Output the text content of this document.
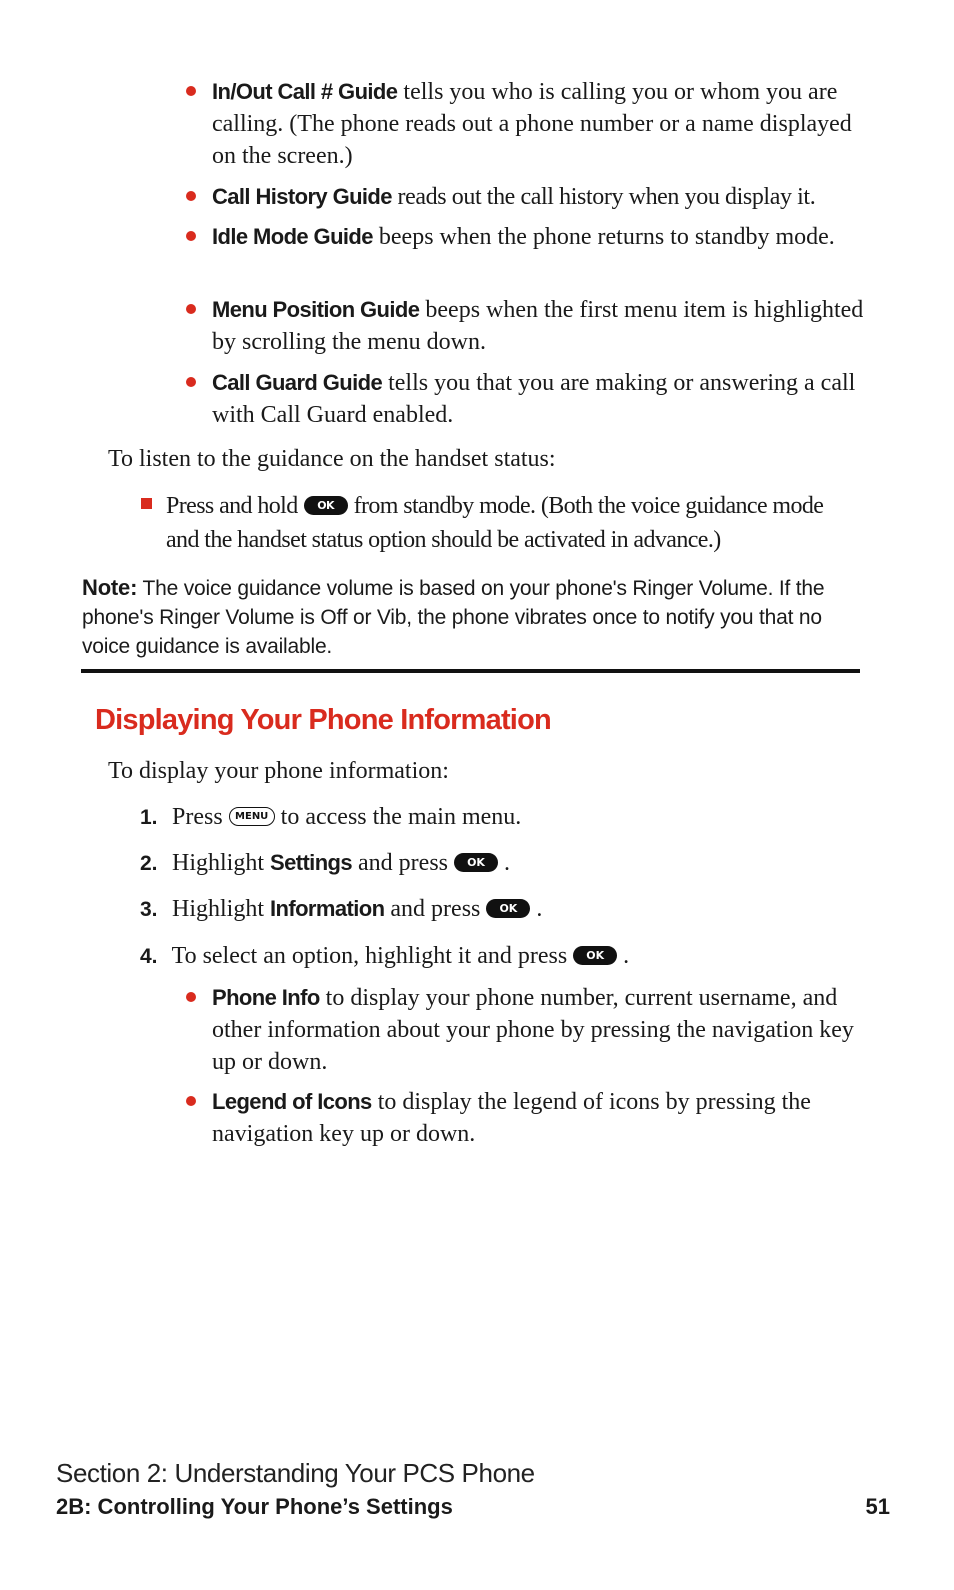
In/Out Call # Guide tells you who is calling you or whom you are calling. (The phone reads out a phone number or a name displayed on the screen.)
Call History Guide reads out the call history when you display it.
Idle Mode Guide beeps when the phone returns to standby mode.
Menu Position Guide beeps when the first menu item is highlighted by scrolling the menu down.
Call Guard Guide tells you that you are making or answering a call with Call Guard enabled.
To listen to the guidance on the handset status:
Press and hold OK from standby mode. (Both the voice guidance mode and the handset status option should be activated in advance.)
Note: The voice guidance volume is based on your phone's Ringer Volume. If the phone's Ringer Volume is Off or Vib, the phone vibrates once to notify you that no voice guidance is available.
Displaying Your Phone Information
To display your phone information:
1. Press MENU to access the main menu.
2. Highlight Settings and press OK .
3. Highlight Information and press OK .
4. To select an option, highlight it and press OK .
Phone Info to display your phone number, current username, and other information about your phone by pressing the navigation key up or down.
Legend of Icons to display the legend of icons by pressing the navigation key up or down.
Section 2: Understanding Your PCS Phone
2B: Controlling Your Phone’s Settings	51
